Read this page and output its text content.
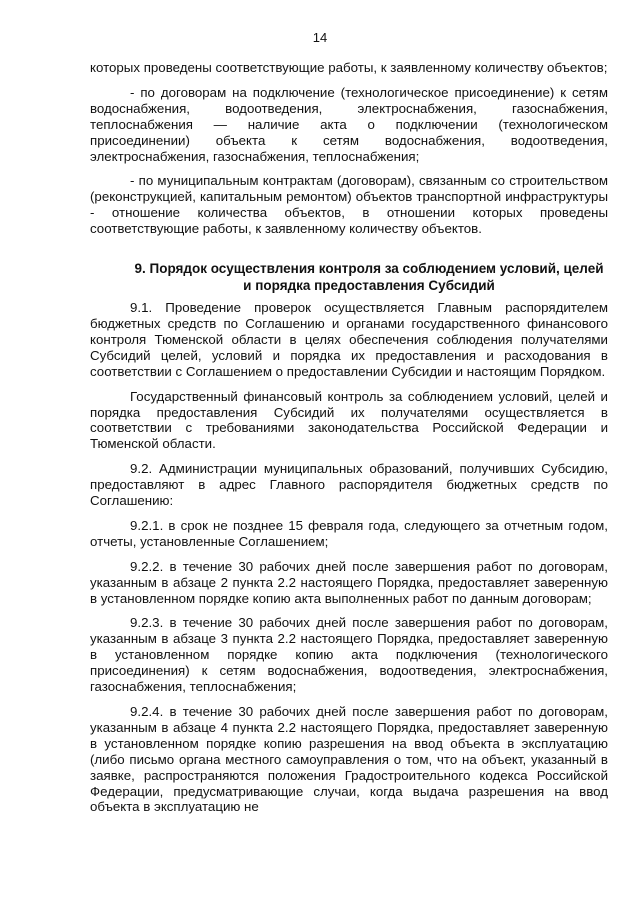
14

которых проведены соответствующие работы, к заявленному количеству объектов;

- по договорам на подключение (технологическое присоединение) к сетям водоснабжения, водоотведения, электроснабжения, газоснабжения, теплоснабжения — наличие акта о подключении (технологическом присоединении) объекта к сетям водоснабжения, водоотведения, электроснабжения, газоснабжения, теплоснабжения;

- по муниципальным контрактам (договорам), связанным со строительством (реконструкцией, капитальным ремонтом) объектов транспортной инфраструктуры - отношение количества объектов, в отношении которых проведены соответствующие работы, к заявленному количеству объектов.

9. Порядок осуществления контроля за соблюдением условий, целей и порядка предоставления Субсидий

9.1. Проведение проверок осуществляется Главным распорядителем бюджетных средств по Соглашению и органами государственного финансового контроля Тюменской области в целях обеспечения соблюдения получателями Субсидий целей, условий и порядка их предоставления и расходования в соответствии с Соглашением о предоставлении Субсидии и настоящим Порядком.

Государственный финансовый контроль за соблюдением условий, целей и порядка предоставления Субсидий их получателями осуществляется в соответствии с требованиями законодательства Российской Федерации и Тюменской области.

9.2. Администрации муниципальных образований, получивших Субсидию, предоставляют в адрес Главного распорядителя бюджетных средств по Соглашению:

9.2.1. в срок не позднее 15 февраля года, следующего за отчетным годом, отчеты, установленные Соглашением;

9.2.2. в течение 30 рабочих дней после завершения работ по договорам, указанным в абзаце 2 пункта 2.2 настоящего Порядка, предоставляет заверенную в установленном порядке копию акта выполненных работ по данным договорам;

9.2.3. в течение 30 рабочих дней после завершения работ по договорам, указанным в абзаце 3 пункта 2.2 настоящего Порядка, предоставляет заверенную в установленном порядке копию акта подключения (технологического присоединения) к сетям водоснабжения, водоотведения, электроснабжения, газоснабжения, теплоснабжения;

9.2.4. в течение 30 рабочих дней после завершения работ по договорам, указанным в абзаце 4 пункта 2.2 настоящего Порядка, предоставляет заверенную в установленном порядке копию разрешения на ввод объекта в эксплуатацию (либо письмо органа местного самоуправления о том, что на объект, указанный в заявке, распространяются положения Градостроительного кодекса Российской Федерации, предусматривающие случаи, когда выдача разрешения на ввод объекта в эксплуатацию не
